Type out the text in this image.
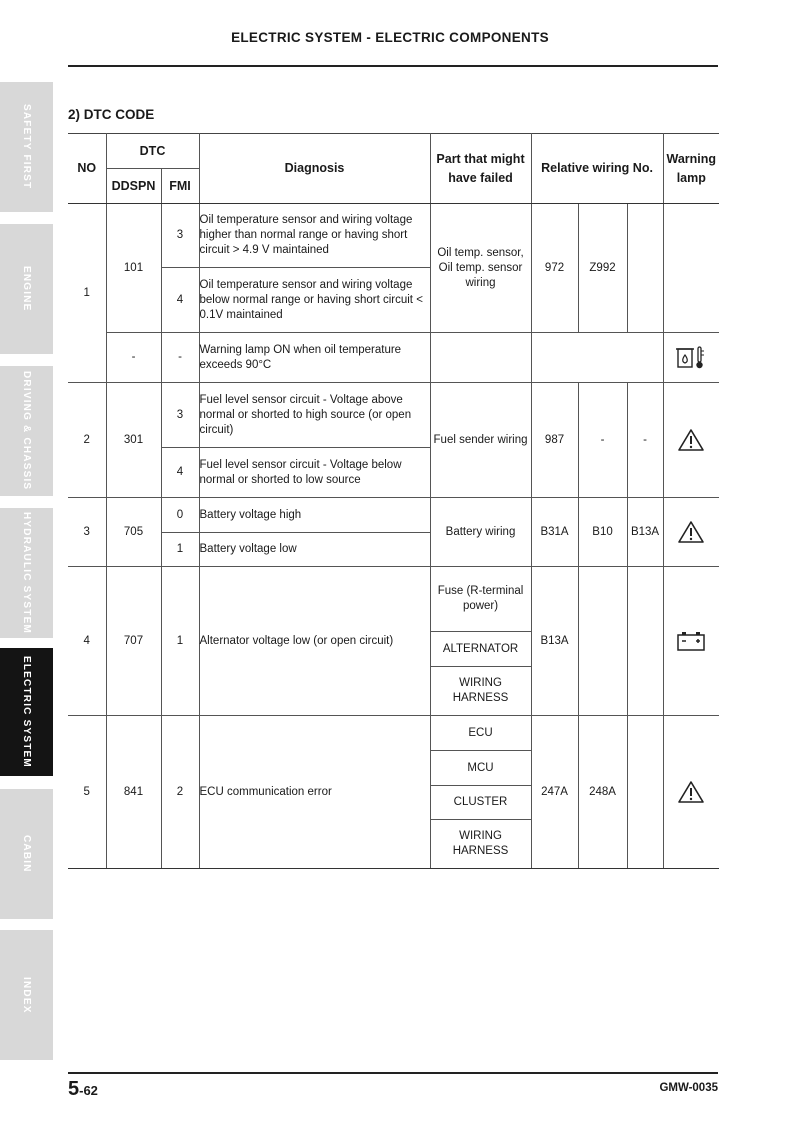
ELECTRIC SYSTEM - ELECTRIC COMPONENTS
2) DTC CODE
SAFETY FIRST
ENGINE
DRIVING & CHASSIS
HYDRAULIC SYSTEM
ELECTRIC SYSTEM
CABIN
INDEX
NO	DTC		Diagnosis	Part that might have failed	Relative wiring No.			Warning lamp
	DDSPN	FMI						
1	101	3	Oil temperature sensor and wiring voltage higher than normal range or having short circuit > 4.9 V maintained	Oil temp. sensor, Oil temp. sensor wiring	972	Z992		
		4	Oil temperature sensor and wiring voltage below normal range or having short circuit < 0.1V maintained					
	-	-	Warning lamp ON when oil temperature exceeds 90°C			
2	301	3	Fuel level sensor circuit - Voltage above normal or shorted to high source (or open circuit)	Fuel sender wiring	987	-	-	
		4	Fuel level sensor circuit - Voltage below normal or shorted to low source					
3	705	0	Battery voltage high	Battery wiring	B31A	B10	B13A	
		1	Battery voltage low					
4	707	1	Alternator voltage low (or open circuit)	Fuse (R-terminal power)	B13A			
				ALTERNATOR				
				WIRING HARNESS				
5	841	2	ECU communication error	ECU	247A	248A		
				MCU				
				CLUSTER				
				WIRING HARNESS				
5-62	GMW-0035
